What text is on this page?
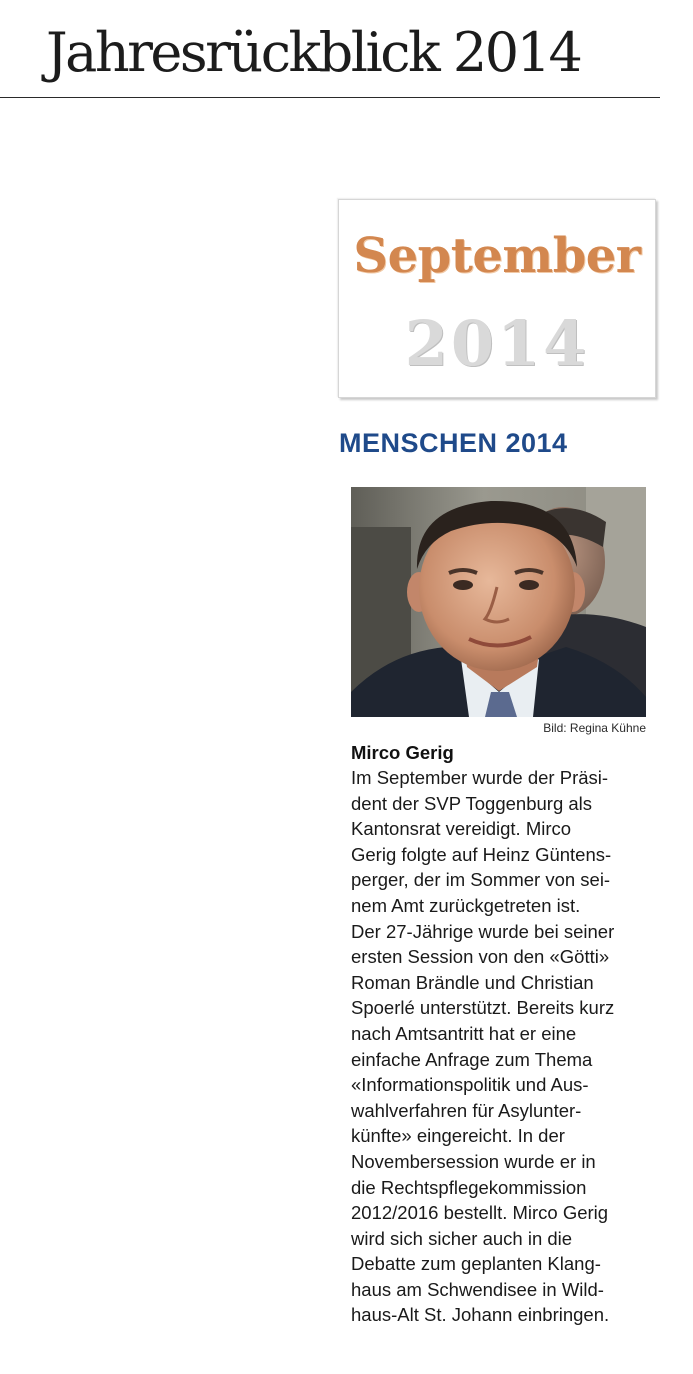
Jahresrückblick 2014
September
2014
MENSCHEN 2014
Bild: Regina Kühne
Mirco Gerig
Im September wurde der Präsi-
dent der SVP Toggenburg als
Kantonsrat vereidigt. Mirco
Gerig folgte auf Heinz Güntens-
perger, der im Sommer von sei-
nem Amt zurückgetreten ist.
Der 27-Jährige wurde bei seiner
ersten Session von den «Götti»
Roman Brändle und Christian
Spoerlé unterstützt. Bereits kurz
nach Amtsantritt hat er eine
einfache Anfrage zum Thema
«Informationspolitik und Aus-
wahlverfahren für Asylunter-
künfte» eingereicht. In der
Novembersession wurde er in
die Rechtspflegekommission
2012/2016 bestellt. Mirco Gerig
wird sich sicher auch in die
Debatte zum geplanten Klang-
haus am Schwendisee in Wild-
haus-Alt St. Johann einbringen.
